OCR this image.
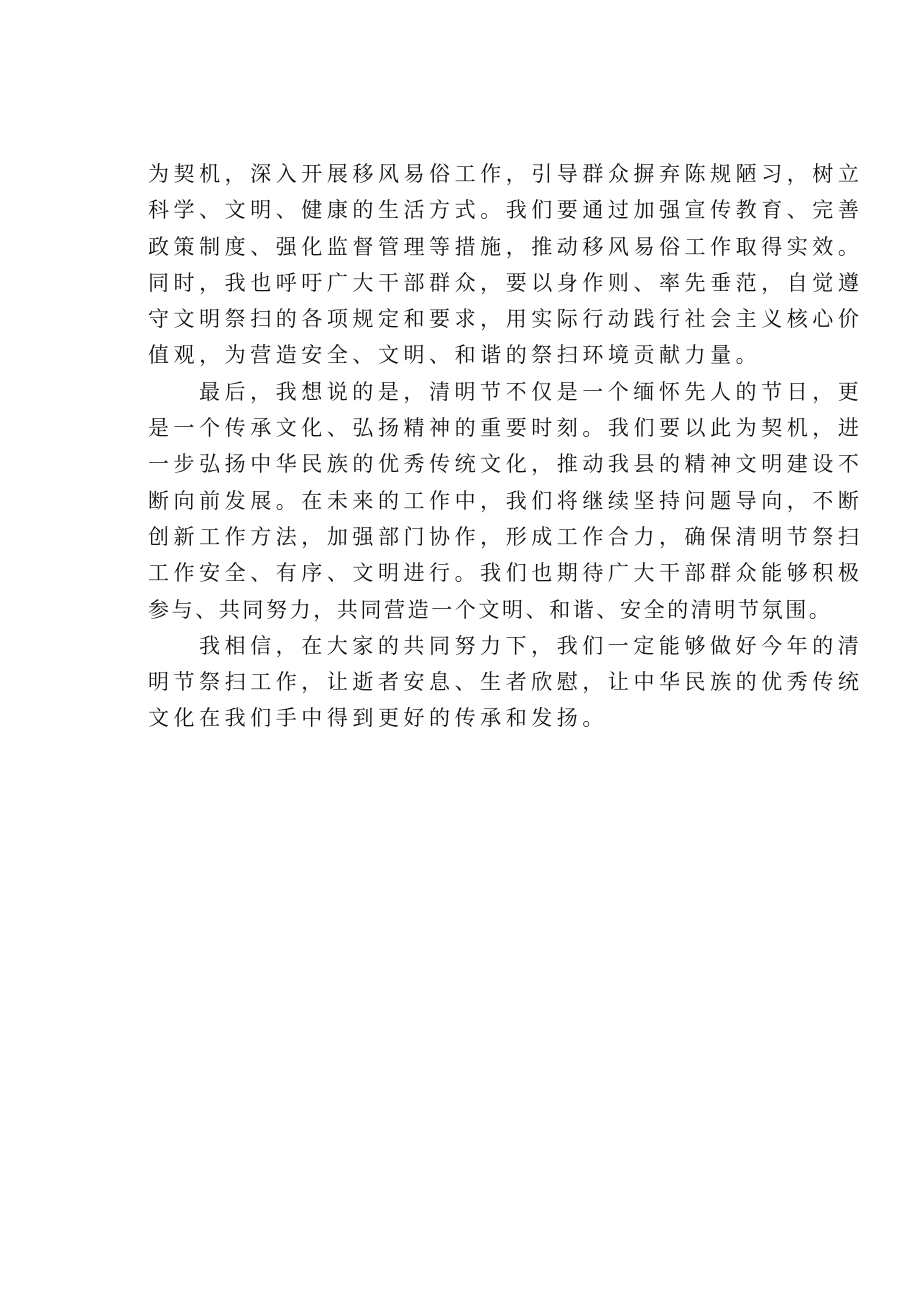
为契机，深入开展移风易俗工作，引导群众摒弃陈规陋习，树立
科学、文明、健康的生活方式。我们要通过加强宣传教育、完善
政策制度、强化监督管理等措施，推动移风易俗工作取得实效。
同时，我也呼吁广大干部群众，要以身作则、率先垂范，自觉遵
守文明祭扫的各项规定和要求，用实际行动践行社会主义核心价
值观，为营造安全、文明、和谐的祭扫环境贡献力量。

最后，我想说的是，清明节不仅是一个缅怀先人的节日，更
是一个传承文化、弘扬精神的重要时刻。我们要以此为契机，进
一步弘扬中华民族的优秀传统文化，推动我县的精神文明建设不
断向前发展。在未来的工作中，我们将继续坚持问题导向，不断
创新工作方法，加强部门协作，形成工作合力，确保清明节祭扫
工作安全、有序、文明进行。我们也期待广大干部群众能够积极
参与、共同努力，共同营造一个文明、和谐、安全的清明节氛围。

我相信，在大家的共同努力下，我们一定能够做好今年的清
明节祭扫工作，让逝者安息、生者欣慰，让中华民族的优秀传统
文化在我们手中得到更好的传承和发扬。
